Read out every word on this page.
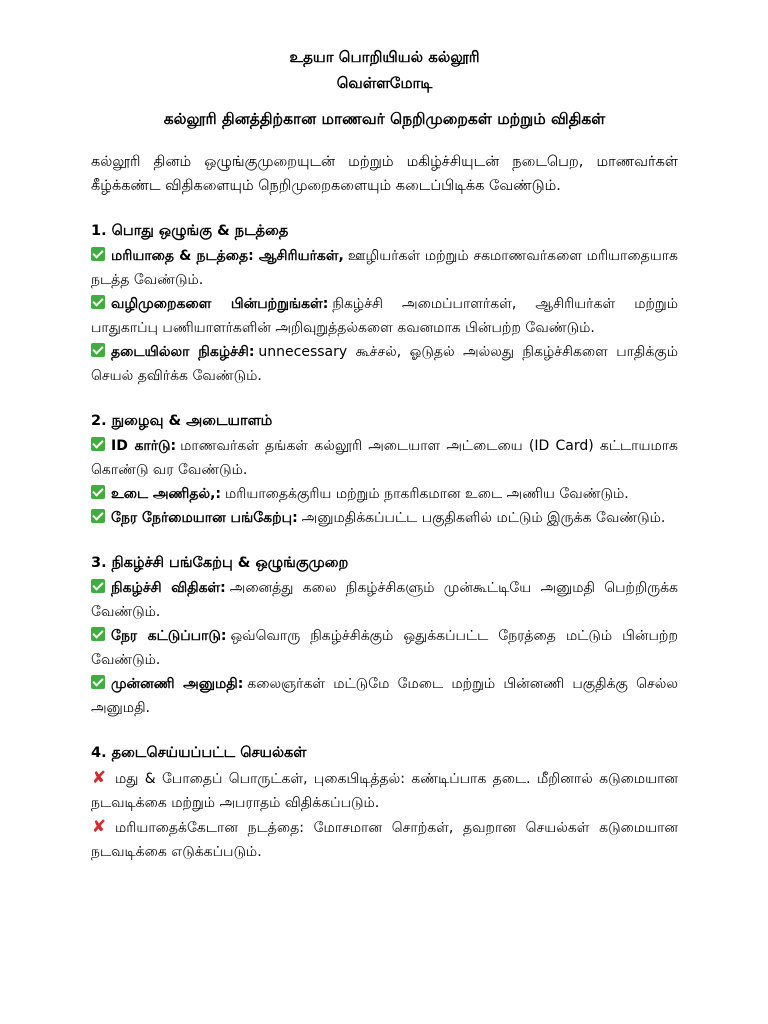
உதயா பொறியியல் கல்லூரி
வெள்ளமோடி
கல்லூரி தினத்திற்கான மாணவர் நெறிமுறைகள் மற்றும் விதிகள்
கல்லூரி தினம் ஒழுங்குமுறையுடன் மற்றும் மகிழ்ச்சியுடன் நடைபெற, மாணவர்கள் கீழ்க்கண்ட விதிகளையும் நெறிமுறைகளையும் கடைப்பிடிக்க வேண்டும்.
1. பொது ஒழுங்கு & நடத்தை
மரியாதை & நடத்தை: ஆசிரியர்கள், ஊழியர்கள் மற்றும் சகமாணவர்களை மரியாதையாக நடத்த வேண்டும்.
வழிமுறைகளை பின்பற்றுங்கள்: நிகழ்ச்சி அமைப்பாளர்கள், ஆசிரியர்கள் மற்றும் பாதுகாப்பு பணியாளர்களின் அறிவுறுத்தல்களை கவனமாக பின்பற்ற வேண்டும்.
தடையில்லா நிகழ்ச்சி: unnecessary கூச்சல், ஓடுதல் அல்லது நிகழ்ச்சிகளை பாதிக்கும் செயல் தவிர்க்க வேண்டும்.
2. நுழைவு & அடையாளம்
ID கார்டு: மாணவர்கள் தங்கள் கல்லூரி அடையாள அட்டையை (ID Card) கட்டாயமாக கொண்டு வர வேண்டும்.
உடை அணிதல்,: மரியாதைக்குரிய மற்றும் நாகரிகமான உடை அணிய வேண்டும்.
நேர நேர்மையான பங்கேற்பு: அனுமதிக்கப்பட்ட பகுதிகளில் மட்டும் இருக்க வேண்டும்.
3. நிகழ்ச்சி பங்கேற்பு & ஒழுங்குமுறை
நிகழ்ச்சி விதிகள்: அனைத்து கலை நிகழ்ச்சிகளும் முன்கூட்டியே அனுமதி பெற்றிருக்க வேண்டும்.
நேர கட்டுப்பாடு: ஒவ்வொரு நிகழ்ச்சிக்கும் ஒதுக்கப்பட்ட நேரத்தை மட்டும் பின்பற்ற வேண்டும்.
முன்னணி அனுமதி: கலைஞர்கள் மட்டுமே மேடை மற்றும் பின்னணி பகுதிக்கு செல்ல அனுமதி.
4. தடைசெய்யப்பட்ட செயல்கள்
✘ மது & போதைப் பொருட்கள், புகைபிடித்தல்: கண்டிப்பாக தடை. மீறினால் கடுமையான நடவடிக்கை மற்றும் அபராதம் விதிக்கப்படும்.
✘ மரியாதைக்கேடான நடத்தை: மோசமான சொற்கள், தவறான செயல்கள் கடுமையான நடவடிக்கை எடுக்கப்படும்.
